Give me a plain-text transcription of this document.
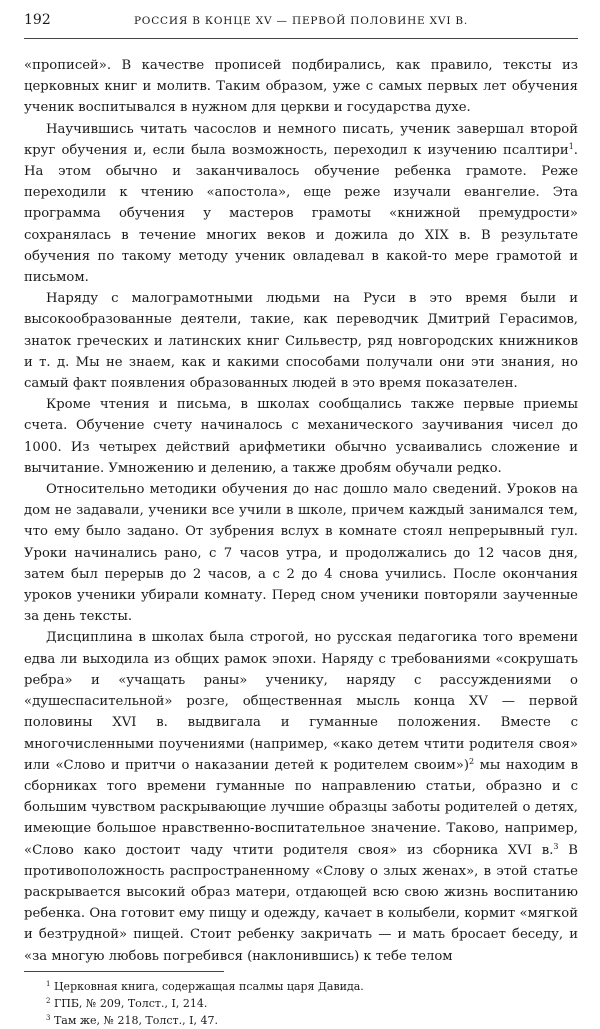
192	РОССИЯ В КОНЦЕ XV — ПЕРВОЙ ПОЛОВИНЕ XVI В.

«прописей». В качестве прописей подбирались, как правило, тексты из церковных книг и молитв. Таким образом, уже с самых первых лет обучения ученик воспитывался в нужном для церкви и государства духе.

Научившись читать часослов и немного писать, ученик завершал второй круг обучения и, если была возможность, переходил к изучению псалтири$^1$. На этом обычно и заканчивалось обучение ребенка грамоте. Реже переходили к чтению «апостола», еще реже изучали евангелие. Эта программа обучения у мастеров грамоты «книжной премудрости» сохранялась в течение многих веков и дожила до XIX в. В результате обучения по такому методу ученик овладевал в какой-то мере грамотой и письмом.

Наряду с малограмотными людьми на Руси в это время были и высокообразованные деятели, такие, как переводчик Дмитрий Герасимов, знаток греческих и латинских книг Сильвестр, ряд новгородских книжников и т. д. Мы не знаем, как и какими способами получали они эти знания, но самый факт появления образованных людей в это время показателен.

Кроме чтения и письма, в школах сообщались также первые приемы счета. Обучение счету начиналось с механического заучивания чисел до 1000. Из четырех действий арифметики обычно усваивались сложение и вычитание. Умножению и делению, а также дробям обучали редко.

Относительно методики обучения до нас дошло мало сведений. Уроков на дом не задавали, ученики все учили в школе, причем каждый занимался тем, что ему было задано. От зубрения вслух в комнате стоял непрерывный гул. Уроки начинались рано, с 7 часов утра, и продолжались до 12 часов дня, затем был перерыв до 2 часов, а с 2 до 4 снова учились. После окончания уроков ученики убирали комнату. Перед сном ученики повторяли заученные за день тексты.

Дисциплина в школах была строгой, но русская педагогика того времени едва ли выходила из общих рамок эпохи. Наряду с требованиями «сокрушать ребра» и «учащать раны» ученику, наряду с рассуждениями о «душеспасительной» розге, общественная мысль конца XV — первой половины XVI в. выдвигала и гуманные положения. Вместе с многочисленными поучениями (например, «како детем чтити родителя своя» или «Слово и притчи о наказании детей к родителем своим»)$^2$ мы находим в сборниках того времени гуманные по направлению статьи, образно и с большим чувством раскрывающие лучшие образцы заботы родителей о детях, имеющие большое нравственно-воспитательное значение. Таково, например, «Слово како достоит чаду чтити родителя своя» из сборника XVI в.$^3$ В противоположность распространенному «Слову о злых женах», в этой статье раскрывается высокий образ матери, отдающей всю свою жизнь воспитанию ребенка. Она готовит ему пищу и одежду, качает в колыбели, кормит «мягкой и безтрудной» пищей. Стоит ребенку закричать — и мать бросает беседу, и «за многую любовь погребився (наклонившись) к тебе телом

$^1$ Церковная книга, содержащая псалмы царя Давида.

$^2$ ГПБ, № 209, Толст., I, 214.

$^3$ Там же, № 218, Толст., I, 47.
